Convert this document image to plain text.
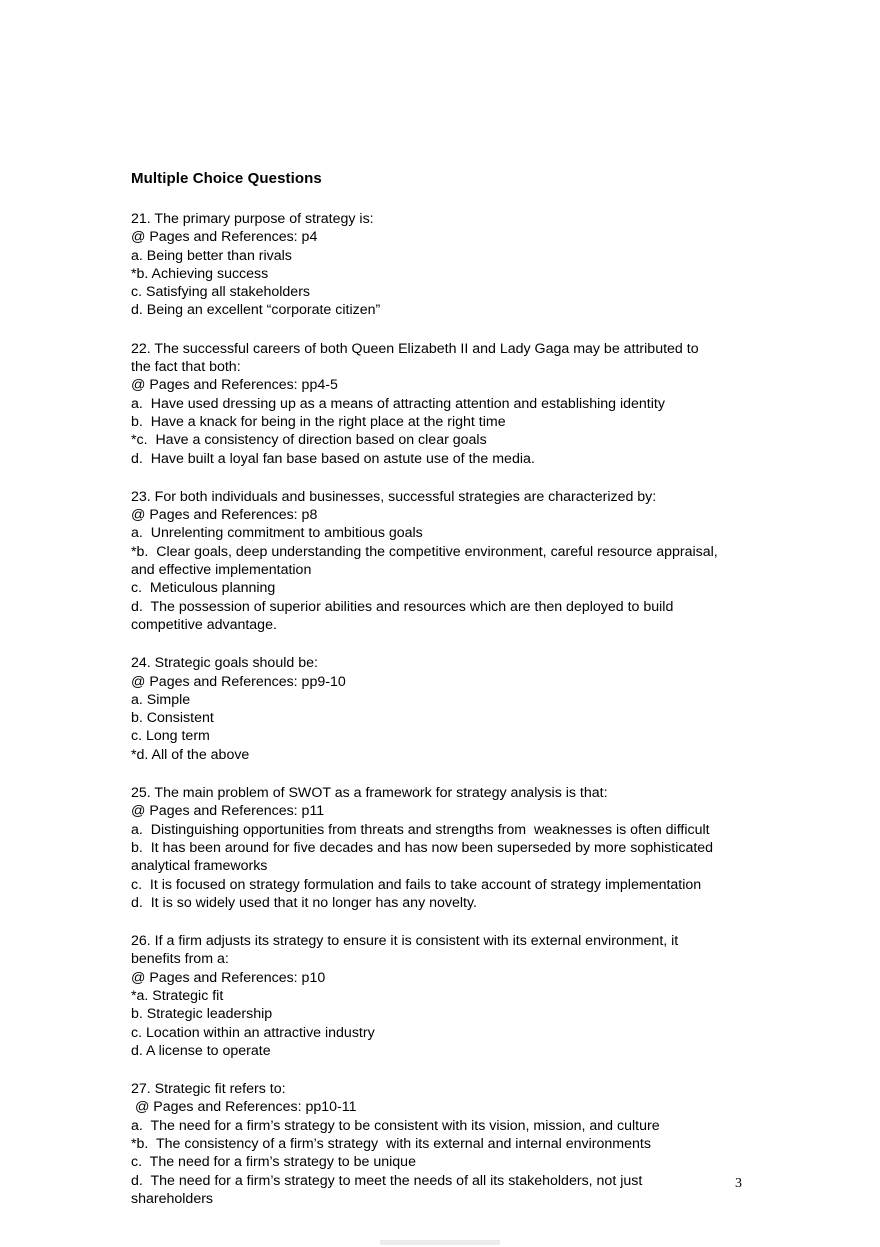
Multiple Choice Questions

21. The primary purpose of strategy is:

@ Pages and References: p4

a. Being better than rivals

*b. Achieving success

c. Satisfying all stakeholders

d. Being an excellent “corporate citizen”

22. The successful careers of both Queen Elizabeth II and Lady Gaga may be attributed to

the fact that both:

@ Pages and References: pp4-5

a.  Have used dressing up as a means of attracting attention and establishing identity

b.  Have a knack for being in the right place at the right time

*c.  Have a consistency of direction based on clear goals

d.  Have built a loyal fan base based on astute use of the media.

23. For both individuals and businesses, successful strategies are characterized by:

@ Pages and References: p8

a.  Unrelenting commitment to ambitious goals

*b.  Clear goals, deep understanding the competitive environment, careful resource appraisal,

and effective implementation

c.  Meticulous planning

d.  The possession of superior abilities and resources which are then deployed to build

competitive advantage.

24. Strategic goals should be:

@ Pages and References: pp9-10

a. Simple

b. Consistent

c. Long term

*d. All of the above

25. The main problem of SWOT as a framework for strategy analysis is that:

@ Pages and References: p11

a.  Distinguishing opportunities from threats and strengths from  weaknesses is often difficult

b.  It has been around for five decades and has now been superseded by more sophisticated

analytical frameworks

c.  It is focused on strategy formulation and fails to take account of strategy implementation

d.  It is so widely used that it no longer has any novelty.

26. If a firm adjusts its strategy to ensure it is consistent with its external environment, it

benefits from a:

@ Pages and References: p10

*a. Strategic fit

b. Strategic leadership

c. Location within an attractive industry

d. A license to operate

27. Strategic fit refers to:

@ Pages and References: pp10-11

a.  The need for a firm’s strategy to be consistent with its vision, mission, and culture

*b.  The consistency of a firm’s strategy  with its external and internal environments

c.  The need for a firm’s strategy to be unique

d.  The need for a firm’s strategy to meet the needs of all its stakeholders, not just

shareholders

3
